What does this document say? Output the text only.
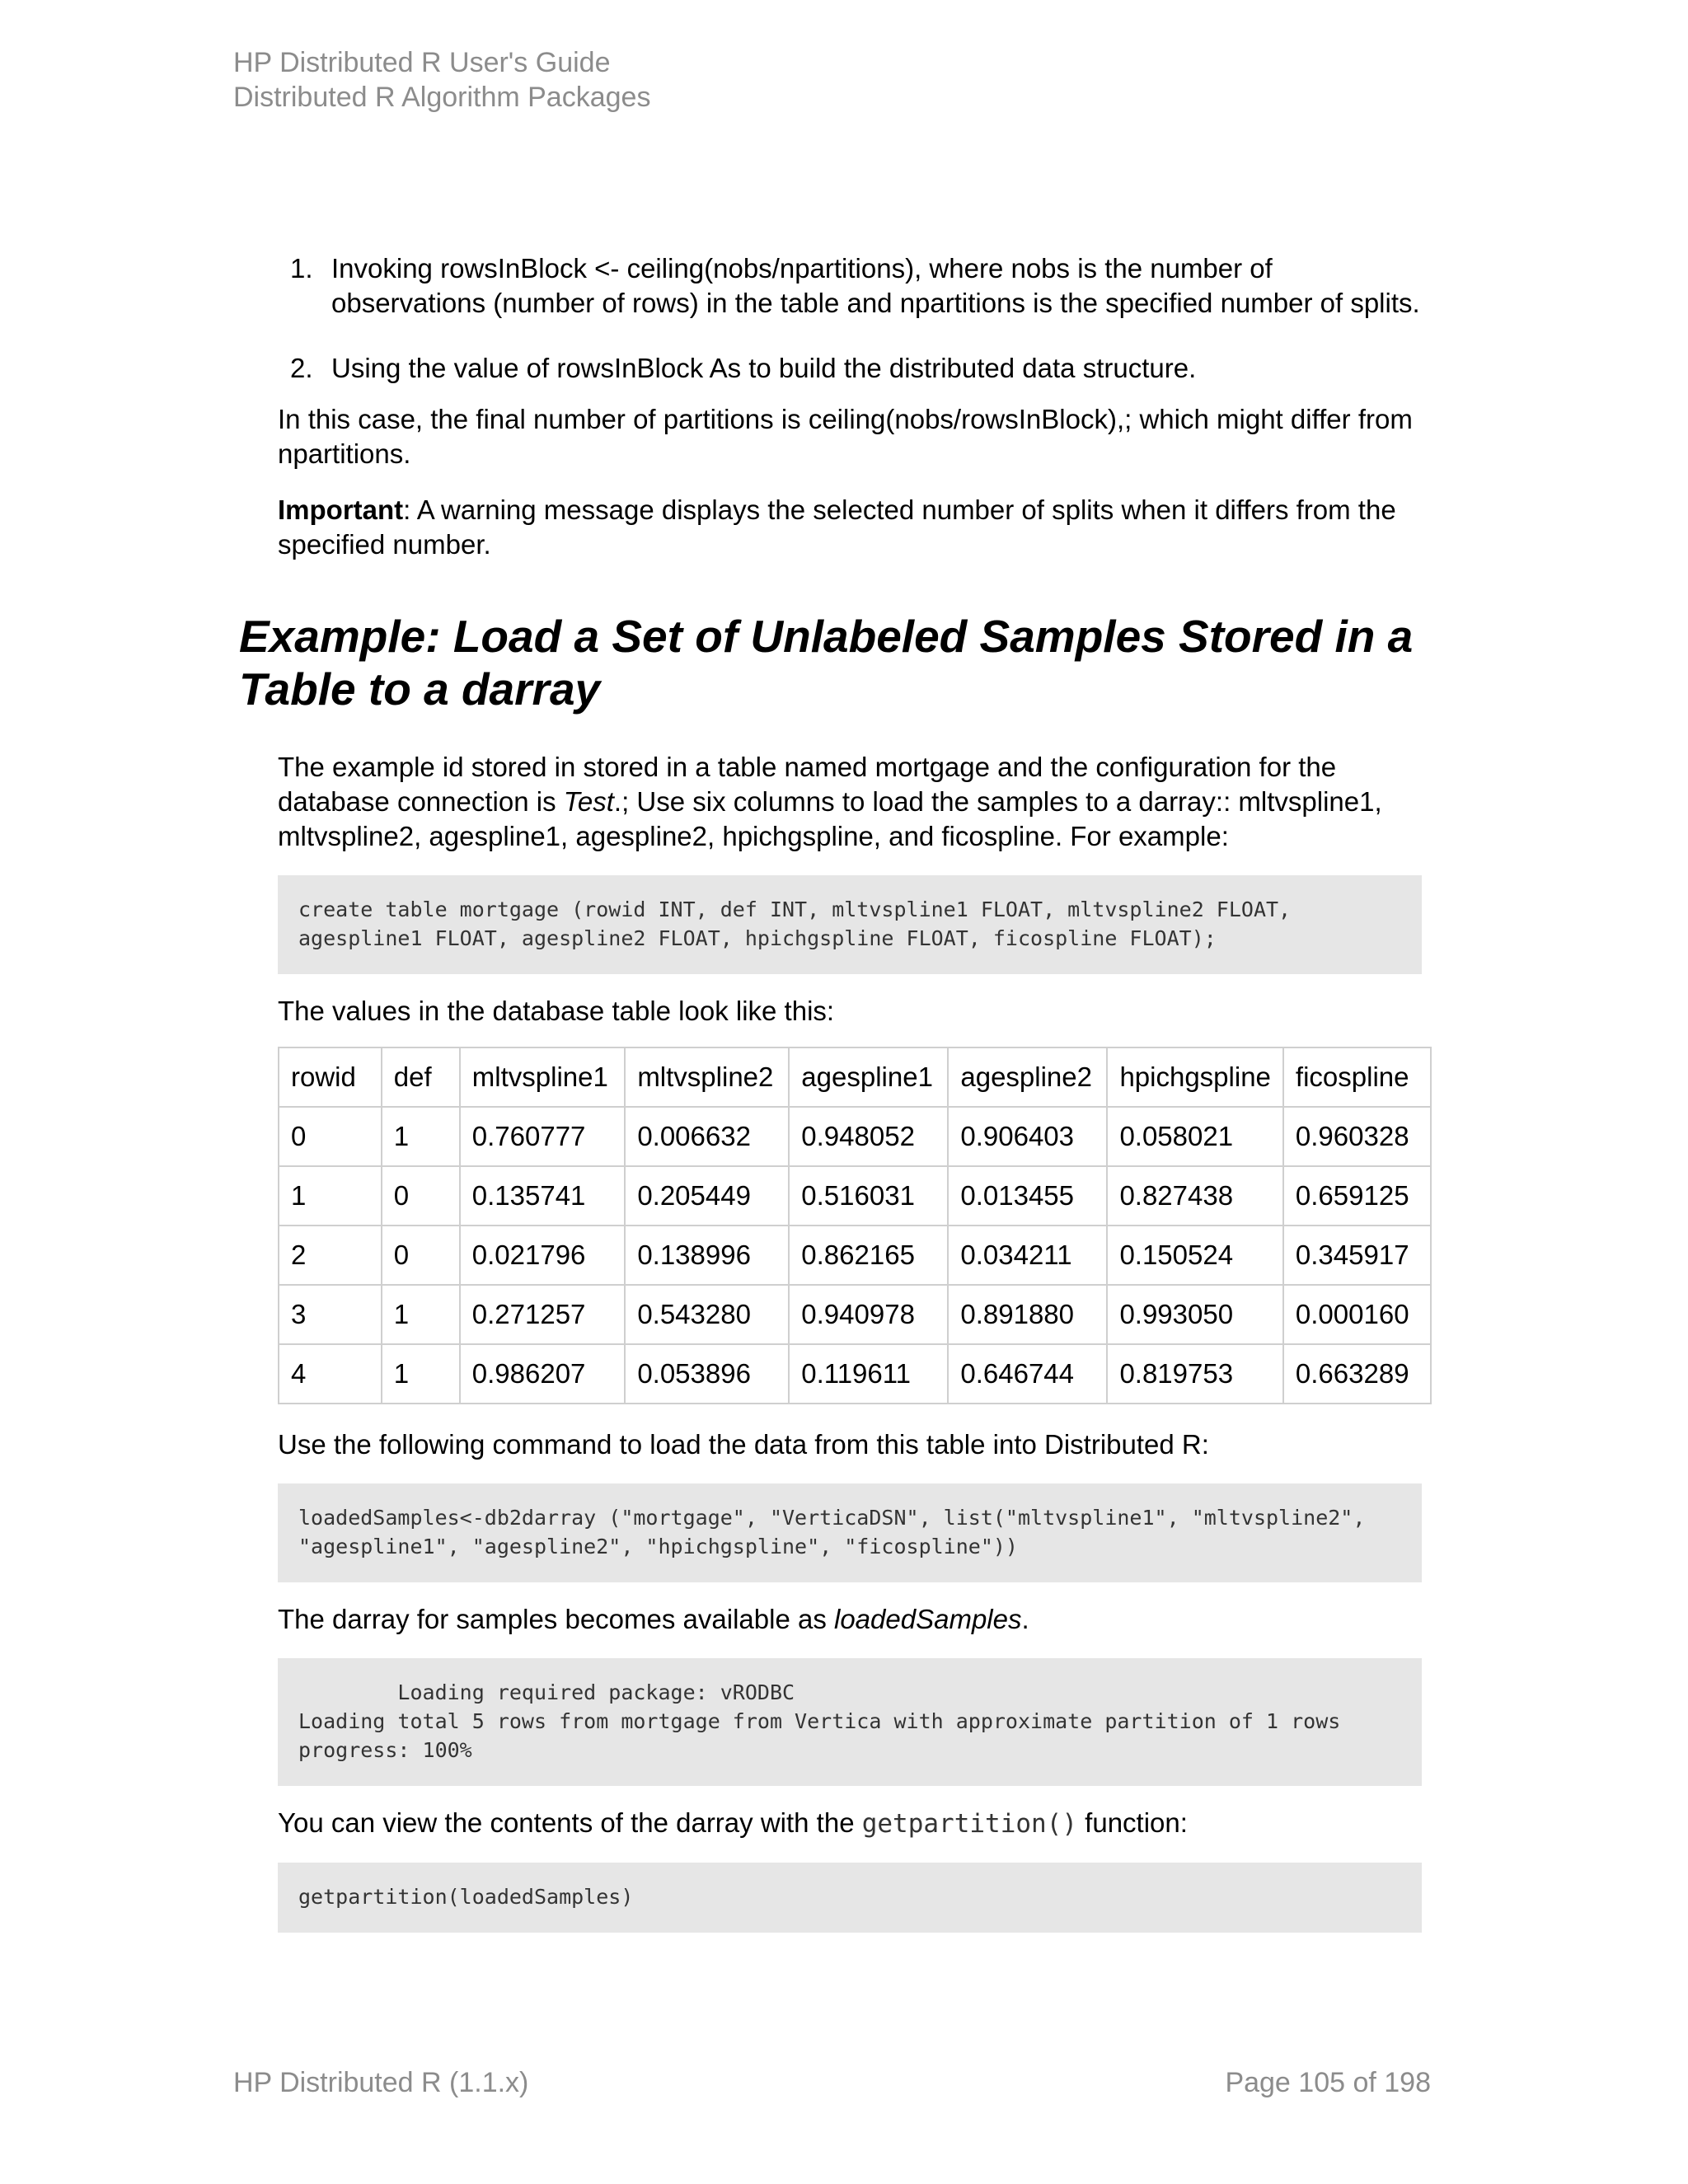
HP Distributed R User's Guide
Distributed R Algorithm Packages
1. Invoking rowsInBlock <- ceiling(nobs/npartitions), where nobs is the number of observations (number of rows) in the table and npartitions is the specified number of splits.
2. Using the value of rowsInBlock As to build the distributed data structure.

In this case, the final number of partitions is ceiling(nobs/rowsInBlock),; which might differ from npartitions.

Important: A warning message displays the selected number of splits when it differs from the specified number.

Example: Load a Set of Unlabeled Samples Stored in a Table to a darray

The example id stored in stored in a table named mortgage and the configuration for the database connection is Test.; Use six columns to load the samples to a darray:: mltvspline1, mltvspline2, agespline1, agespline2, hpichgspline, and ficospline. For example:

create table mortgage (rowid INT, def INT, mltvspline1 FLOAT, mltvspline2 FLOAT,
agespline1 FLOAT, agespline2 FLOAT, hpichgspline FLOAT, ficospline FLOAT);

The values in the database table look like this:

rowid	def	mltvspline1	mltvspline2	agespline1	agespline2	hpichgspline	ficospline
0	1	0.760777	0.006632	0.948052	0.906403	0.058021	0.960328
1	0	0.135741	0.205449	0.516031	0.013455	0.827438	0.659125
2	0	0.021796	0.138996	0.862165	0.034211	0.150524	0.345917
3	1	0.271257	0.543280	0.940978	0.891880	0.993050	0.000160
4	1	0.986207	0.053896	0.119611	0.646744	0.819753	0.663289

Use the following command to load the data from this table into Distributed R:

loadedSamples<-db2darray ("mortgage", "VerticaDSN", list("mltvspline1", "mltvspline2",
"agespline1", "agespline2", "hpichgspline", "ficospline"))

The darray for samples becomes available as loadedSamples.

Loading required package: vRODBC
Loading total 5 rows from mortgage from Vertica with approximate partition of 1 rows
progress: 100%

You can view the contents of the darray with the getpartition() function:

getpartition(loadedSamples)
HP Distributed R (1.1.x)	Page 105 of 198
